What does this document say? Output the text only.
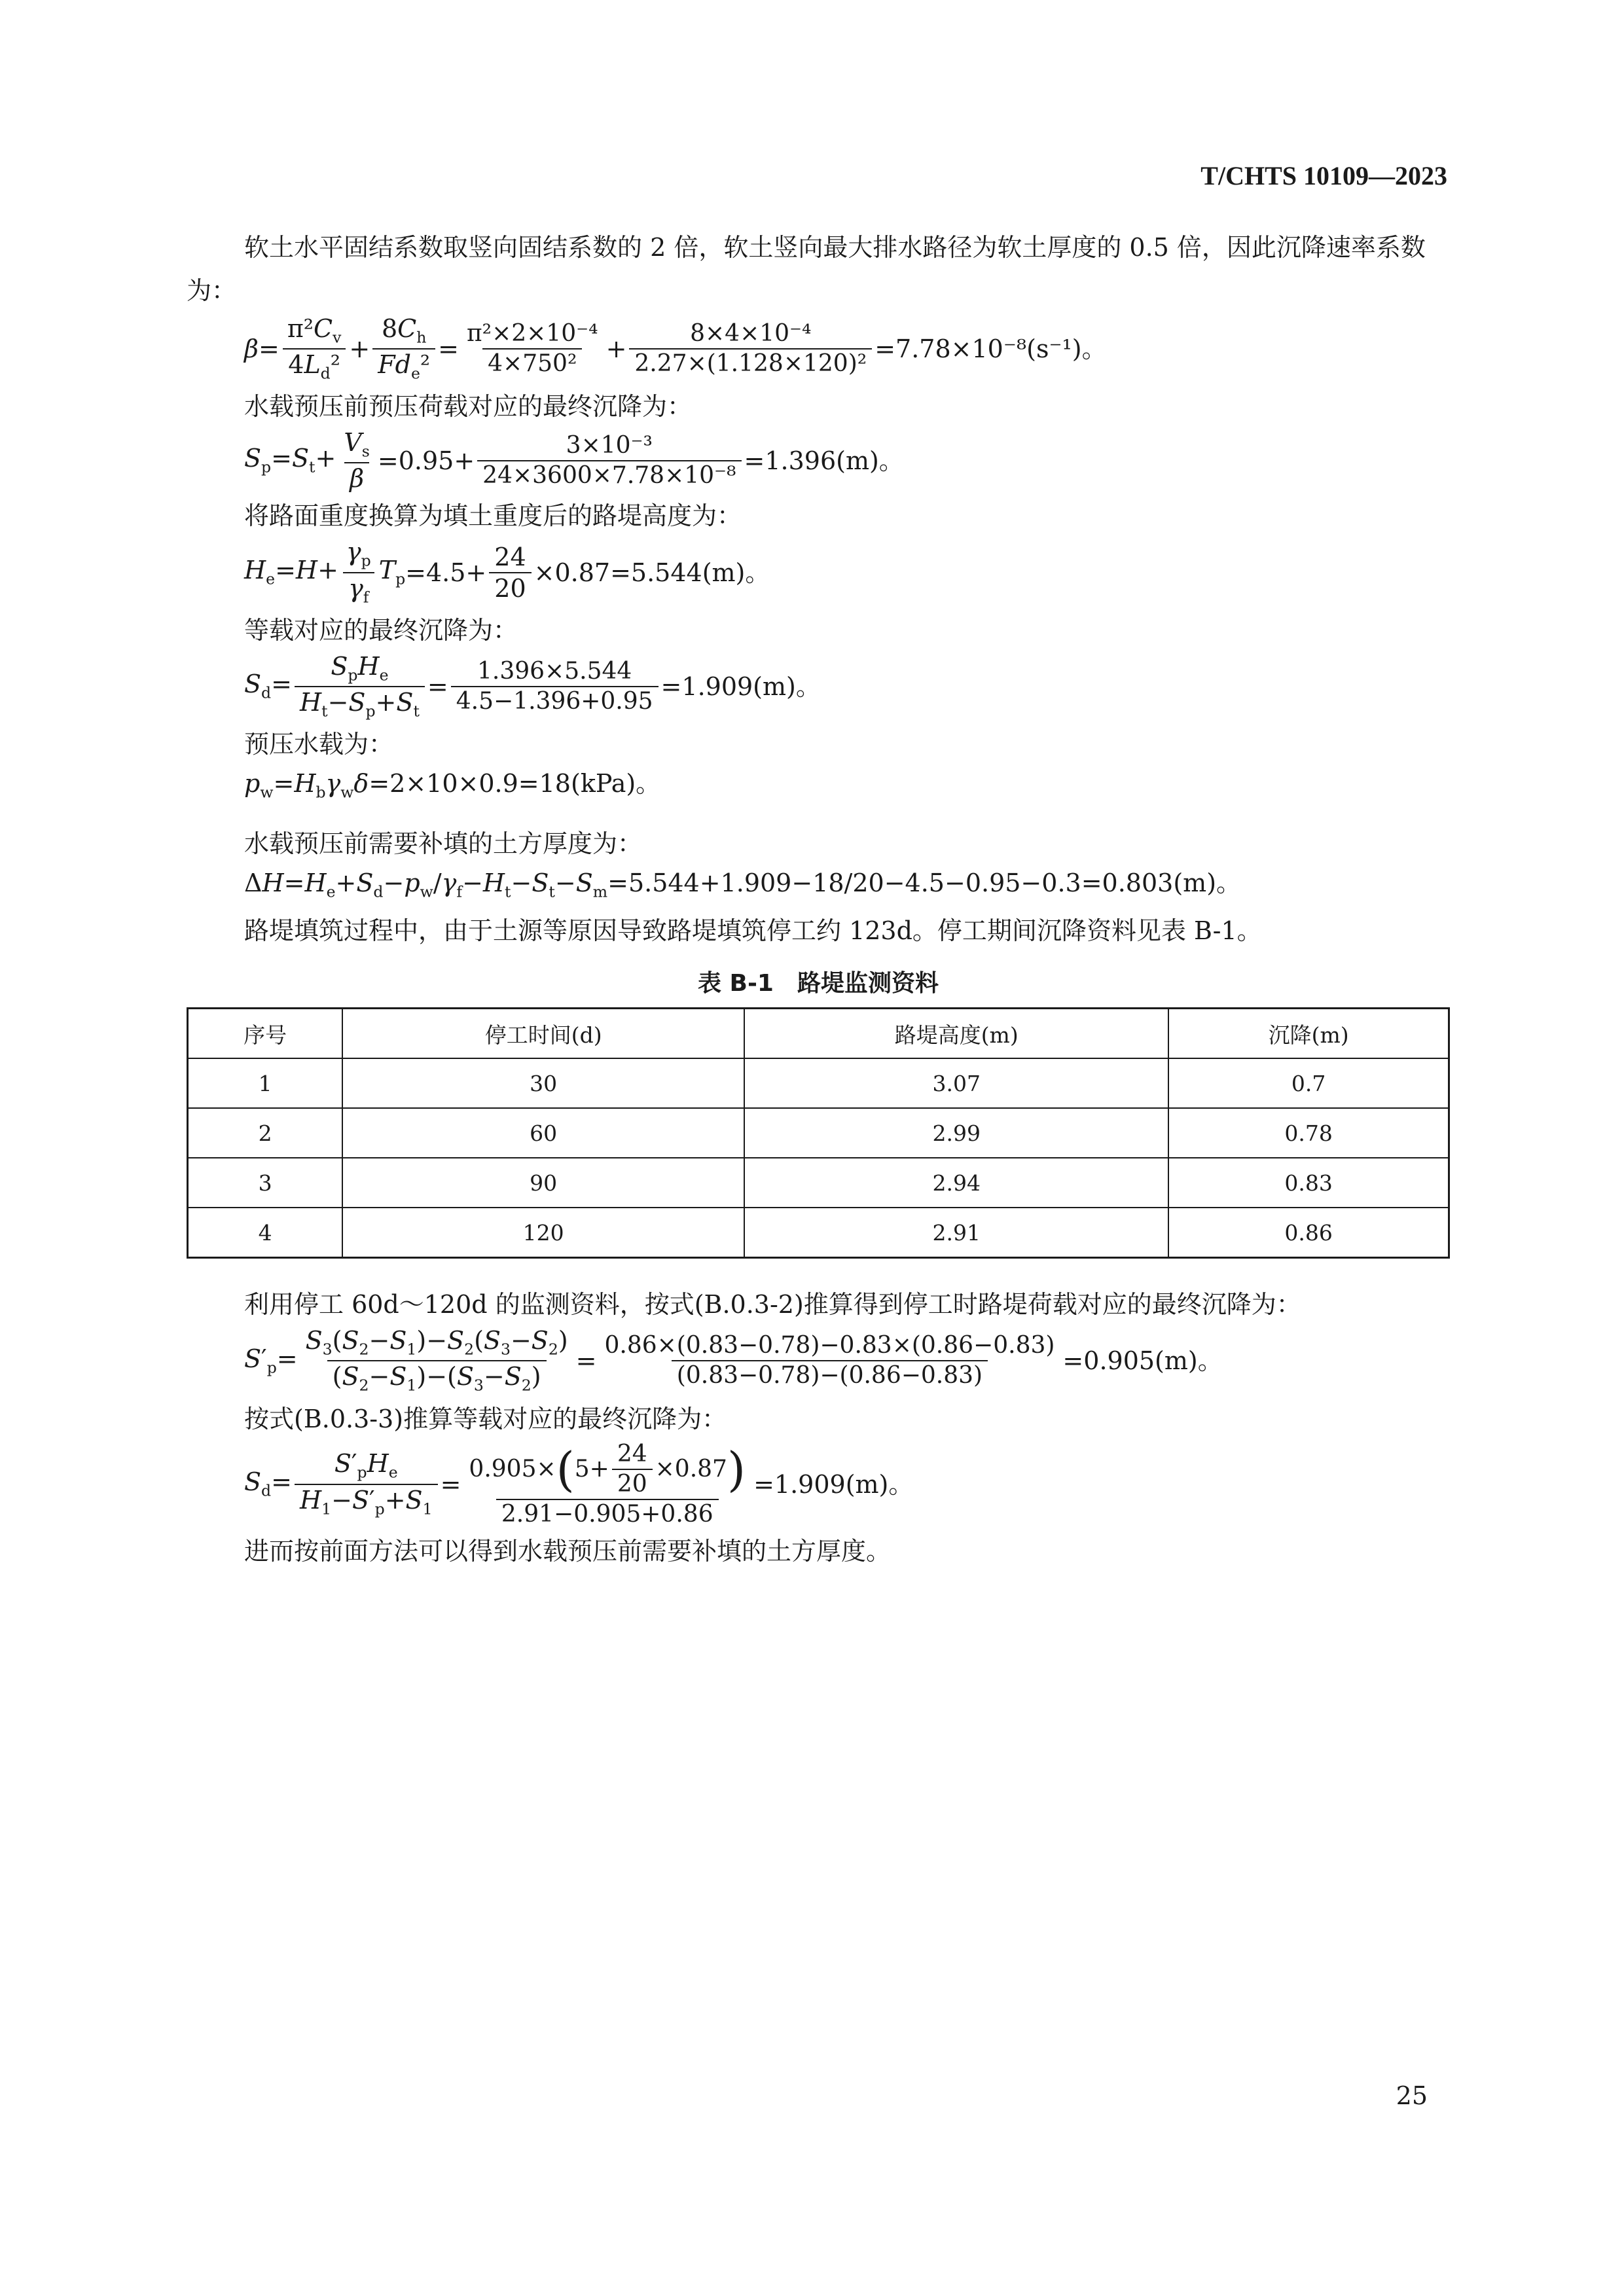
T/CHTS 10109—2023

软土水平固结系数取竖向固结系数的 2 倍，软土竖向最大排水路径为软土厚度的 0.5 倍，因此沉降速率系数为：

$\beta = \frac{\pi^2C_v}{4L_d^2} + \frac{8C_h}{Fd_e^2} = \frac{\text{π²×2×10⁻⁴}}{\text{4×750²}} + \frac{\text{8×4×10⁻⁴}}{\text{2.27×(1.128×120)²}} =7.78\times 10^{-8}(s^{-1})$。

水载预压前预压荷载对应的最终沉降为：

$S_p=S_t+ \frac{V_s}{\beta} =0.95+ \frac{\text{3×10⁻³}}{\text{24×3600×7.78×10⁻⁸}} =1.396(m)$。

将路面重度换算为填土重度后的路堤高度为：

$H_e=H+ \frac{\gamma_p}{\gamma_f} T_p =4.5+ \frac{24}{20} \times 0.87=5.544(m)$。

等载对应的最终沉降为：

$S_d= \frac{S_pH_e}{H_t-S_p+S_t} = \frac{1.396\times 5.544}{4.5-1.396+0.95} =1.909(m)$。

预压水载为：

$p_w=H_b\gamma_w\delta=2\times 10\times 0.9=18(kPa)$。

水载预压前需要补填的土方厚度为：

$\Delta H=H_e+S_d-p_w/\gamma_f-H_t-S_t-S_m=5.544+1.909-18/20-4.5-0.95-0.3=0.803(m)$。

路堤填筑过程中，由于土源等原因导致路堤填筑停工约 123d。停工期间沉降资料见表 B-1。

表 B-1　路堤监测资料
序号	停工时间(d)	路堤高度(m)	沉降(m)
1	30	3.07	0.7
2	60	2.99	0.78
3	90	2.94	0.83
4	120	2.91	0.86

利用停工 60d～120d 的监测资料，按式(B.0.3-2)推算得到停工时路堤荷载对应的最终沉降为：

$S'_p= \frac{S_3(S_2-S_1)-S_2(S_3-S_2)}{(S_2-S_1)-(S_3-S_2)} = \frac{0.86\times(0.83-0.78)-0.83\times(0.86-0.83)}{(0.83-0.78)-(0.86-0.83)} =0.905(m)$。

按式(B.0.3-3)推算等载对应的最终沉降为：

$S_d= \frac{S'_pH_e}{H_1-S'_p+S_1} = \frac{0.905\times ( 5+ \frac{24}{20} \times 0.87 )}{2.91-0.905+0.86} =1.909(m)$。

进而按前面方法可以得到水载预压前需要补填的土方厚度。

25
